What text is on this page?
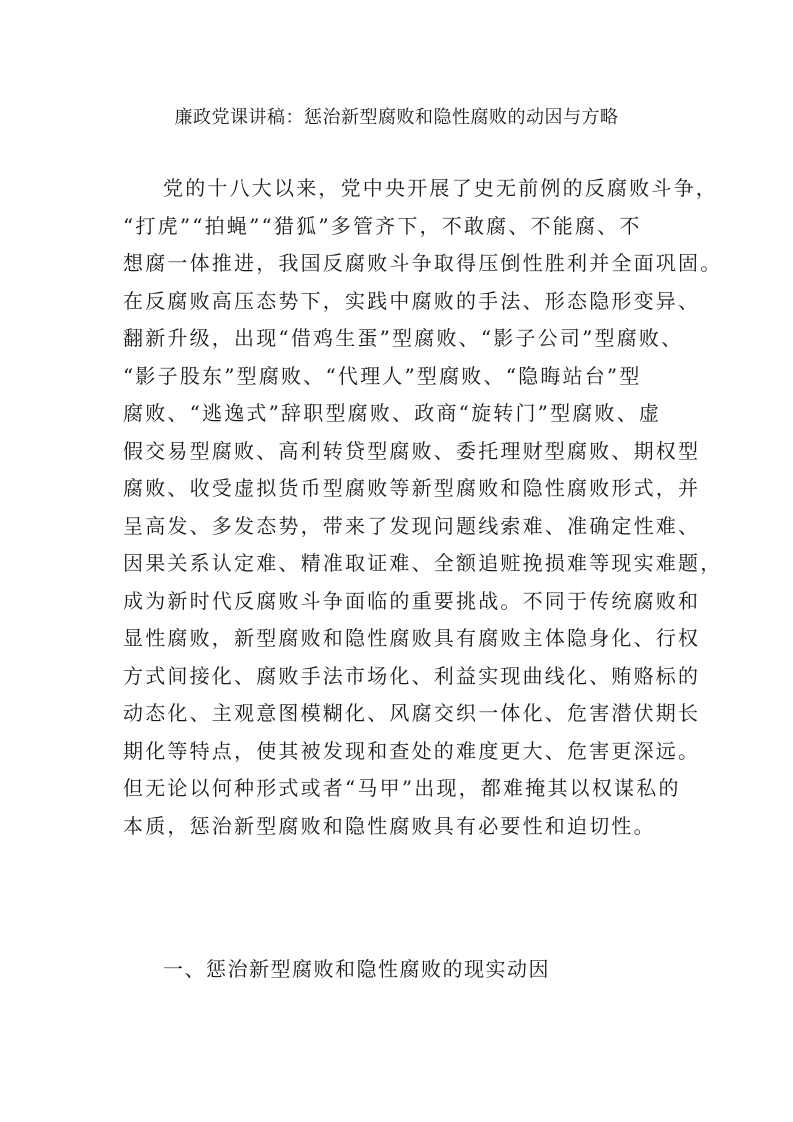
廉政党课讲稿：惩治新型腐败和隐性腐败的动因与方略
党的十八大以来，党中央开展了史无前例的反腐败斗争，
“打虎”“拍蝇”“猎狐”多管齐下，不敢腐、不能腐、不
想腐一体推进，我国反腐败斗争取得压倒性胜利并全面巩固。
在反腐败高压态势下，实践中腐败的手法、形态隐形变异、
翻新升级，出现“借鸡生蛋”型腐败、“影子公司”型腐败、
“影子股东”型腐败、“代理人”型腐败、“隐晦站台”型
腐败、“逃逸式”辞职型腐败、政商“旋转门”型腐败、虚
假交易型腐败、高利转贷型腐败、委托理财型腐败、期权型
腐败、收受虚拟货币型腐败等新型腐败和隐性腐败形式，并
呈高发、多发态势，带来了发现问题线索难、准确定性难、
因果关系认定难、精准取证难、全额追赃挽损难等现实难题，
成为新时代反腐败斗争面临的重要挑战。不同于传统腐败和
显性腐败，新型腐败和隐性腐败具有腐败主体隐身化、行权
方式间接化、腐败手法市场化、利益实现曲线化、贿赂标的
动态化、主观意图模糊化、风腐交织一体化、危害潜伏期长
期化等特点，使其被发现和查处的难度更大、危害更深远。
但无论以何种形式或者“马甲”出现，都难掩其以权谋私的
本质，惩治新型腐败和隐性腐败具有必要性和迫切性。
一、惩治新型腐败和隐性腐败的现实动因
